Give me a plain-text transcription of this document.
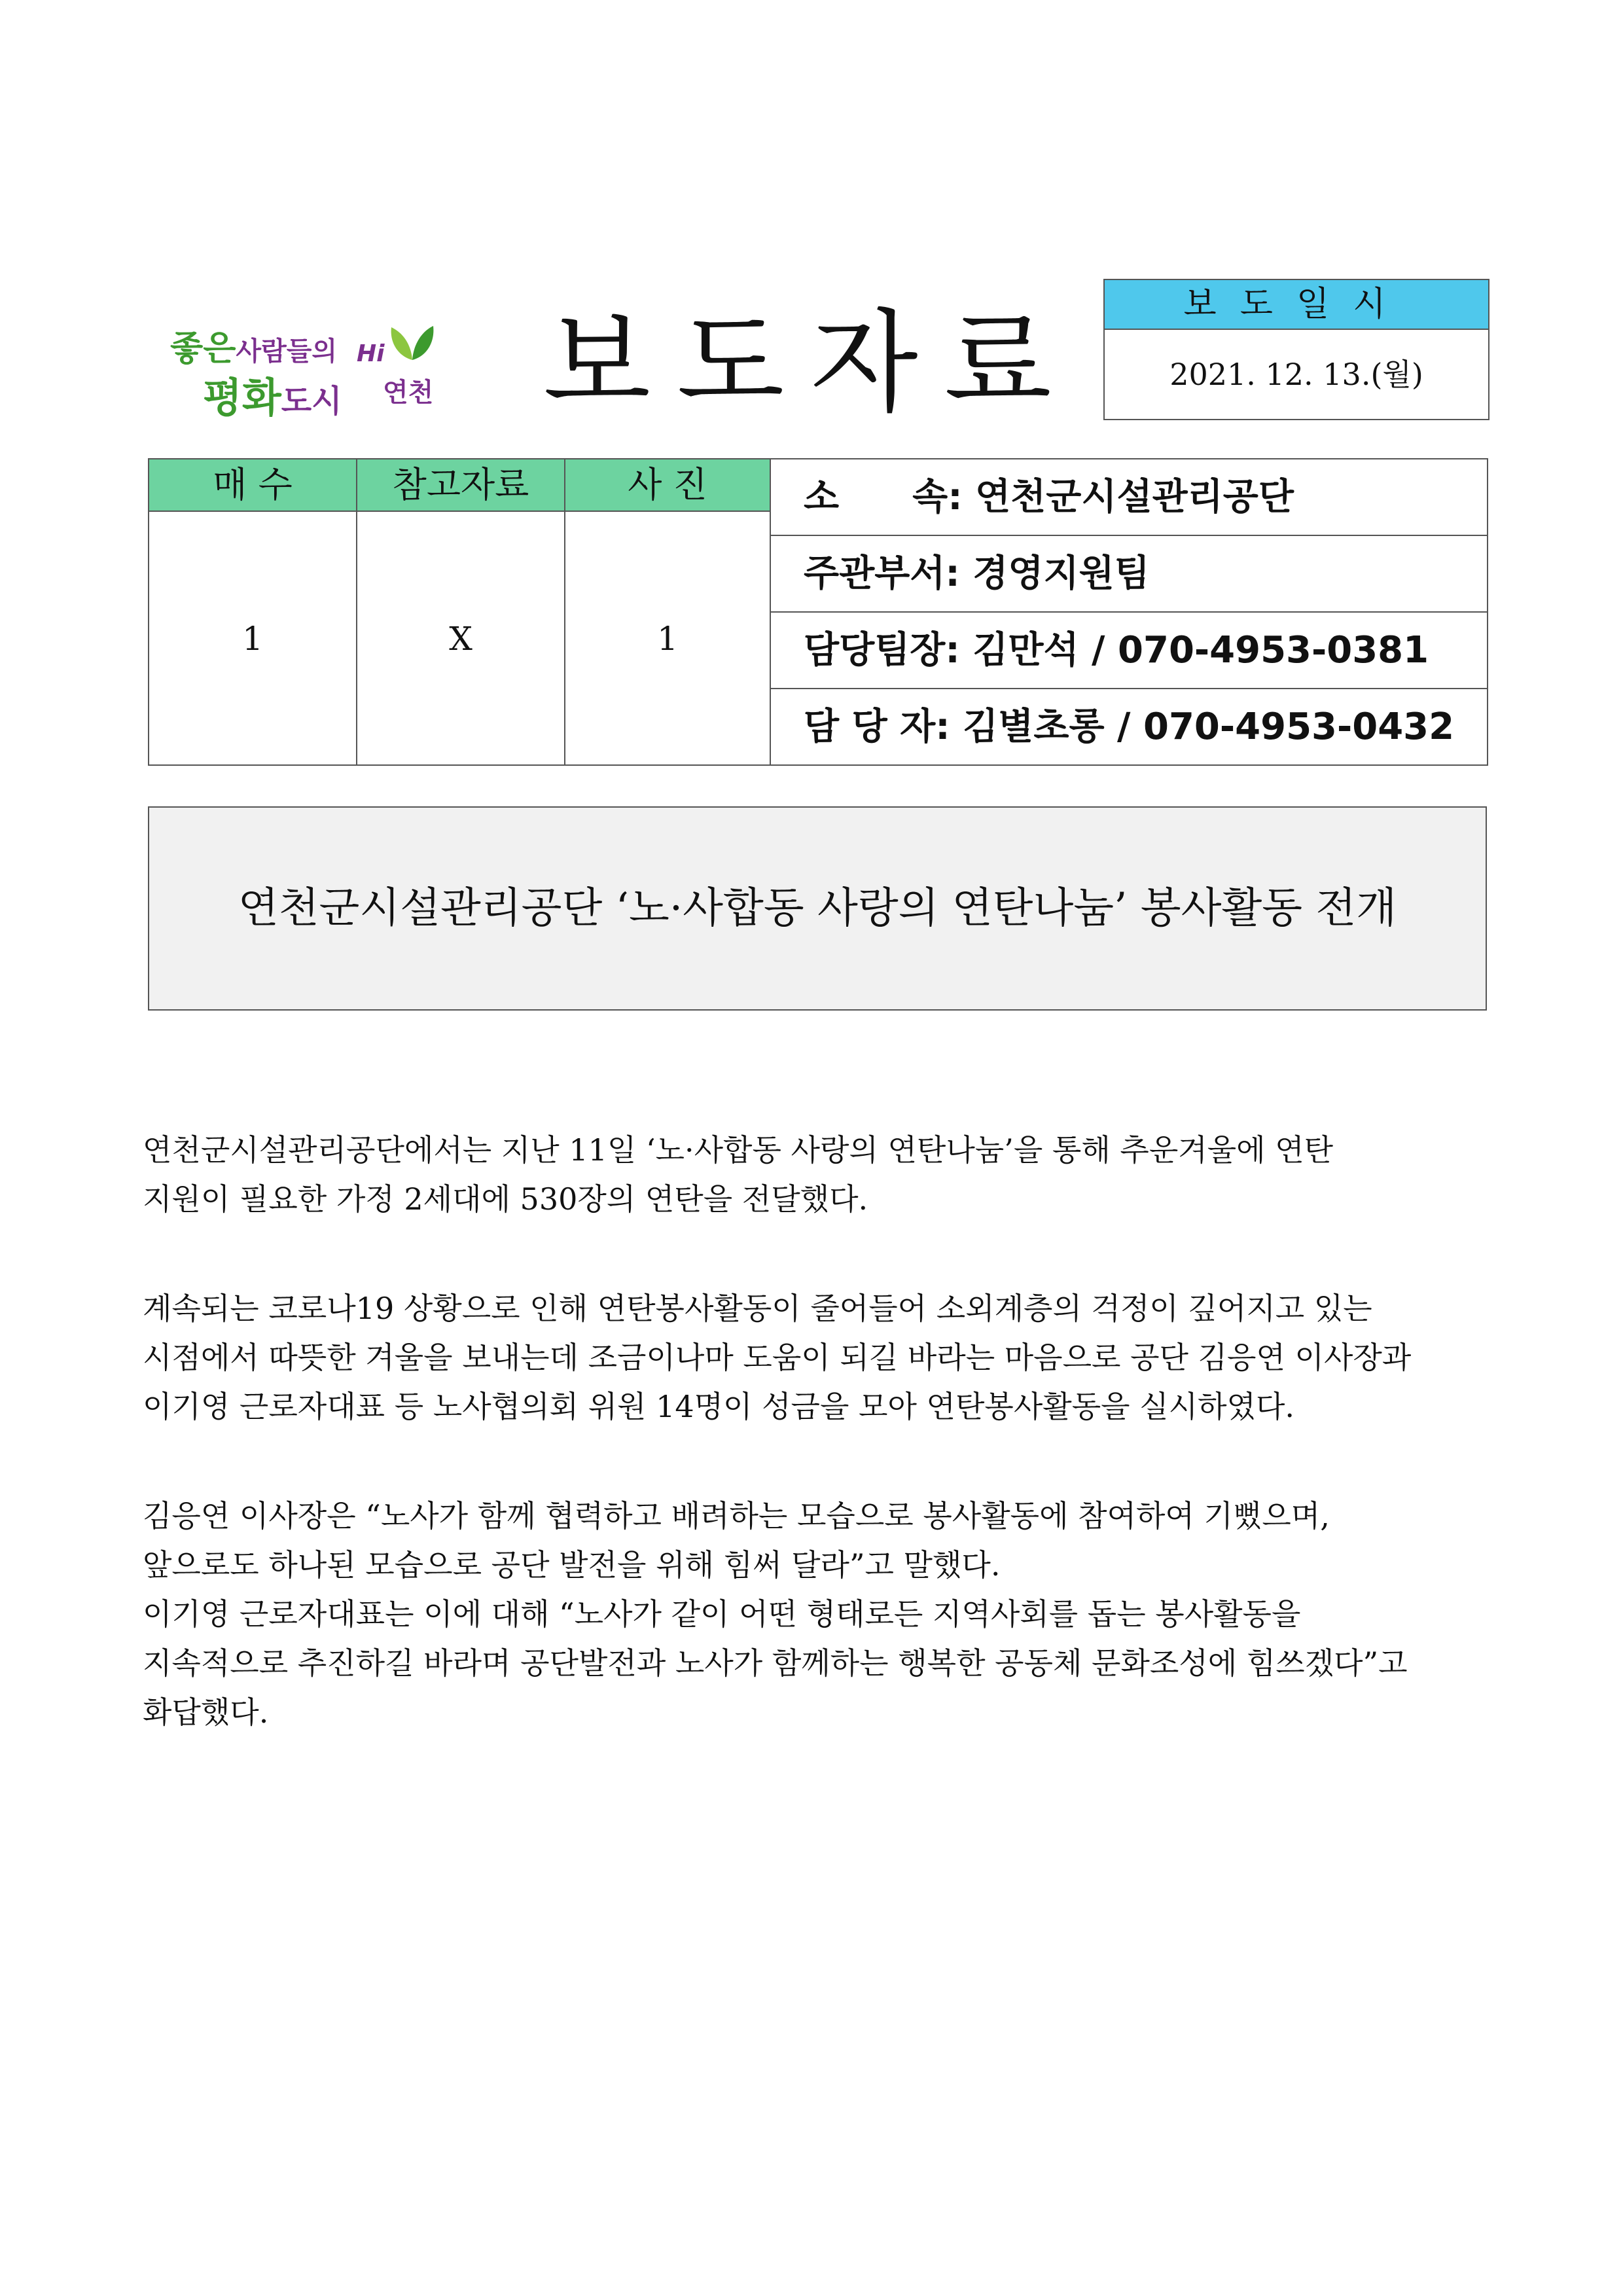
좋은사람들의
평화도시
Hi
연천 보도자료	보도일시
2021. 12. 13.(월)
매 수	참고자료	사 진
1	X	1
소　　속: 연천군시설관리공단
주관부서: 경영지원팀
담당팀장: 김만석 / 070-4953-0381
담 당 자: 김별초롱 / 070-4953-0432
연천군시설관리공단 ‘노·사합동 사랑의 연탄나눔’ 봉사활동 전개

연천군시설관리공단에서는 지난 11일 ‘노·사합동 사랑의 연탄나눔’을 통해 추운겨울에 연탄

지원이 필요한 가정 2세대에 530장의 연탄을 전달했다.

계속되는 코로나19 상황으로 인해 연탄봉사활동이 줄어들어 소외계층의 걱정이 깊어지고 있는

시점에서 따뜻한 겨울을 보내는데 조금이나마 도움이 되길 바라는 마음으로 공단 김응연 이사장과

이기영 근로자대표 등 노사협의회 위원 14명이 성금을 모아 연탄봉사활동을 실시하였다.

김응연 이사장은 “노사가 함께 협력하고 배려하는 모습으로 봉사활동에 참여하여 기뻤으며,

앞으로도 하나된 모습으로 공단 발전을 위해 힘써 달라”고 말했다.

이기영 근로자대표는 이에 대해 “노사가 같이 어떤 형태로든 지역사회를 돕는 봉사활동을

지속적으로 추진하길 바라며 공단발전과 노사가 함께하는 행복한 공동체 문화조성에 힘쓰겠다”고

화답했다.
